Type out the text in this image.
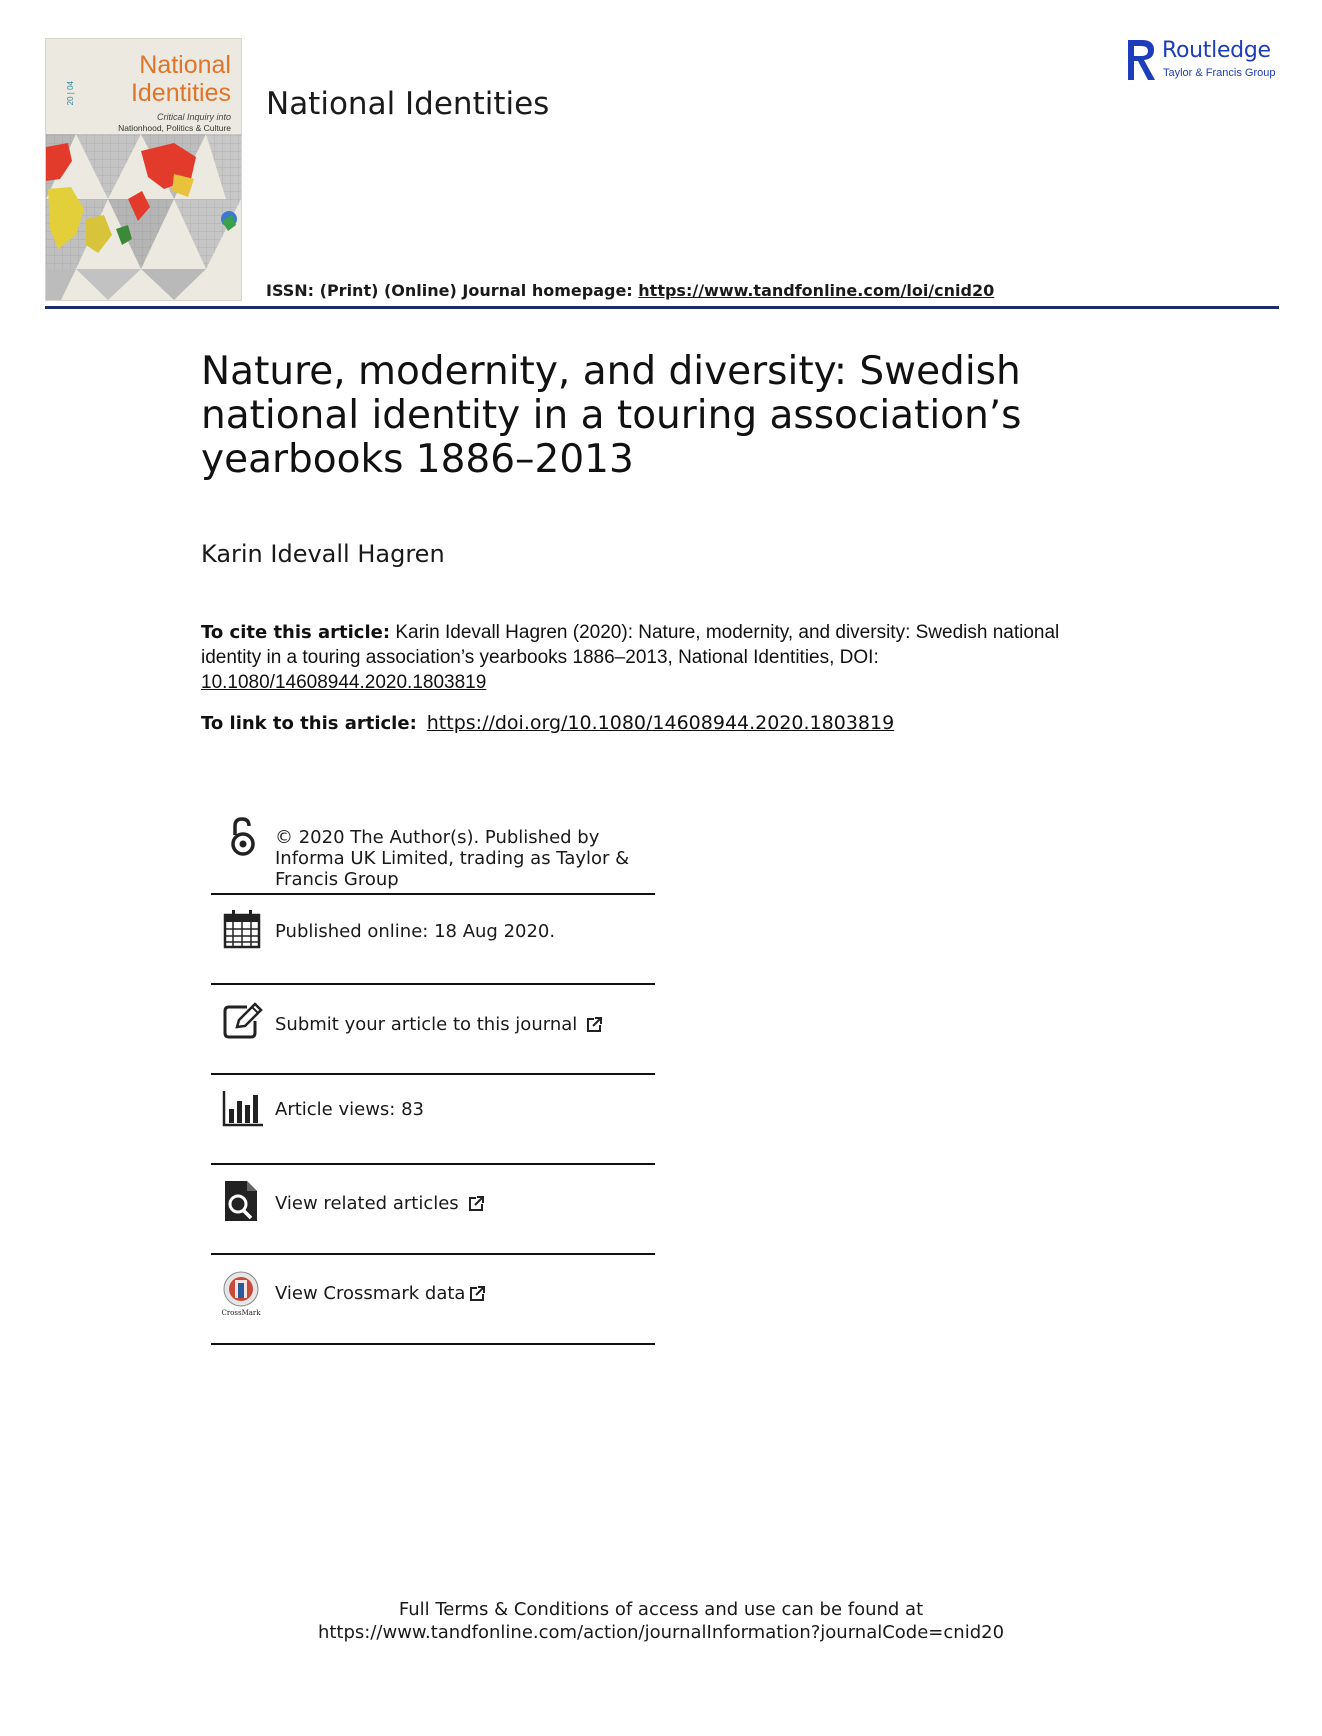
National
Identities
Critical Inquiry into
Nationhood, Politics & Culture
20 | 04	National Identities
Routledge
Taylor & Francis Group
ISSN: (Print) (Online) Journal homepage: https://www.tandfonline.com/loi/cnid20
Nature, modernity, and diversity: Swedish national identity in a touring association’s yearbooks 1886–2013
Karin Idevall Hagren
To cite this article: Karin Idevall Hagren (2020): Nature, modernity, and diversity: Swedish national identity in a touring association’s yearbooks 1886–2013, National Identities, DOI: 10.1080/14608944.2020.1803819
To link to this article: https://doi.org/10.1080/14608944.2020.1803819
© 2020 The Author(s). Published by Informa UK Limited, trading as Taylor & Francis Group
Published online: 18 Aug 2020.
Submit your article to this journal
Article views: 83
View related articles
CrossMark
View Crossmark data
Full Terms & Conditions of access and use can be found at
https://www.tandfonline.com/action/journalInformation?journalCode=cnid20
